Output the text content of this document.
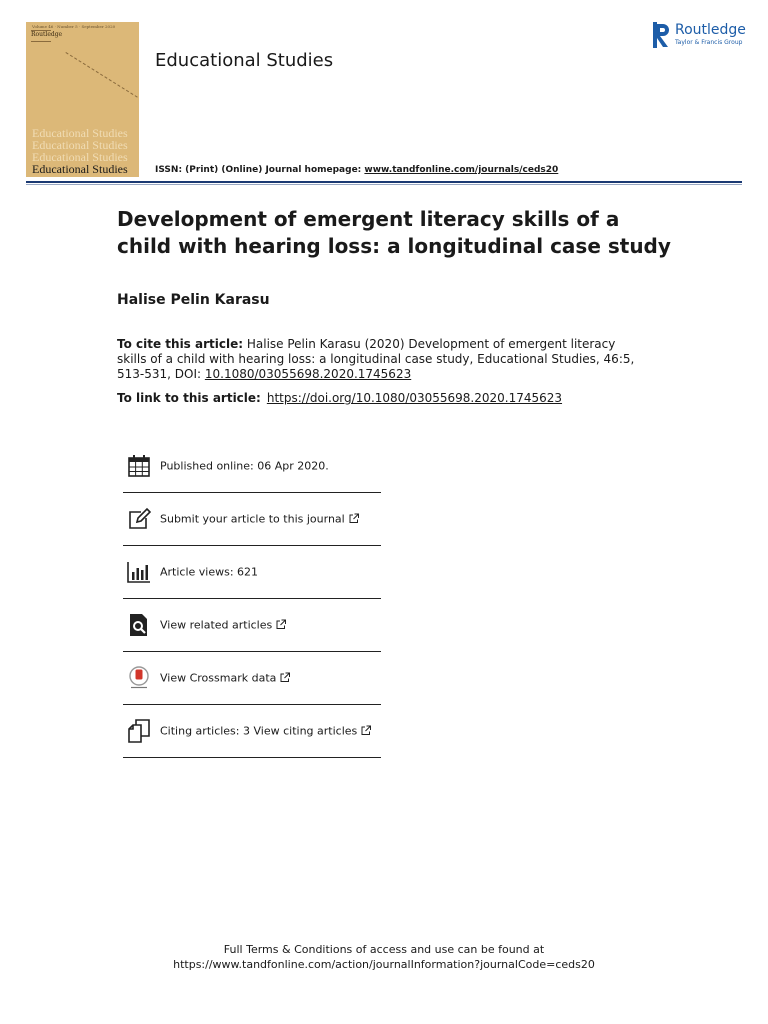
Volume 46 · Number 5 · September 2020
Routledge
Educational Studies
Educational Studies
Educational Studies
Educational Studies
Educational Studies
ISSN: (Print) (Online) Journal homepage: www.tandfonline.com/journals/ceds20
Routledge
Taylor & Francis Group
Development of emergent literacy skills of a child with hearing loss: a longitudinal case study
Halise Pelin Karasu
To cite this article: Halise Pelin Karasu (2020) Development of emergent literacy skills of a child with hearing loss: a longitudinal case study, Educational Studies, 46:5, 513-531, DOI: 10.1080/03055698.2020.1745623
To link to this article: https://doi.org/10.1080/03055698.2020.1745623
Published online: 06 Apr 2020.
Submit your article to this journal
Article views: 621
View related articles
View Crossmark data
Citing articles: 3 View citing articles
Full Terms & Conditions of access and use can be found at
https://www.tandfonline.com/action/journalInformation?journalCode=ceds20
